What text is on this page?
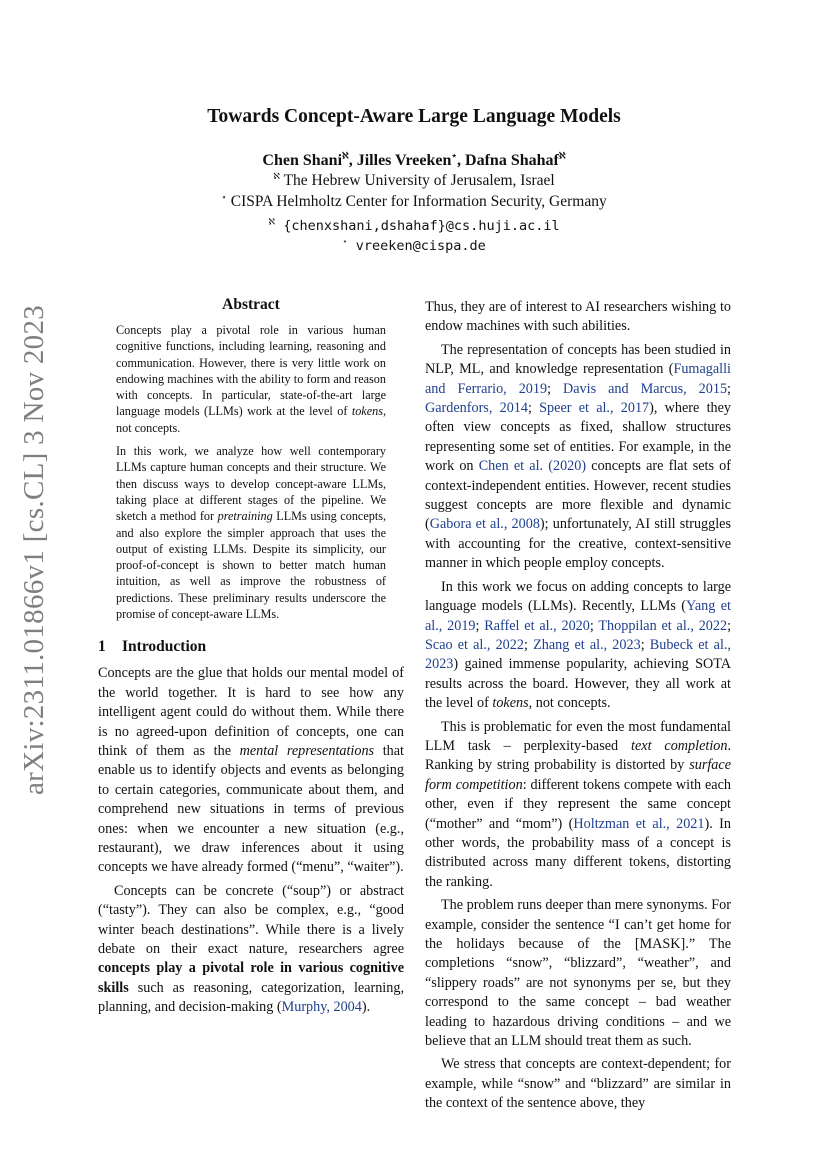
arXiv:2311.01866v1 [cs.CL] 3 Nov 2023
Towards Concept-Aware Large Language Models
Chen Shani$^ℵ$, Jilles Vreeken⋆, Dafna Shahaf$^ℵ$
$^ℵ$ The Hebrew University of Jerusalem, Israel
⋆ CISPA Helmholtz Center for Information Security, Germany
$^ℵ$ {chenxshani,dshahaf}@cs.huji.ac.il
⋆ vreeken@cispa.de
Abstract

Concepts play a pivotal role in various human cognitive functions, including learning, reasoning and communication. However, there is very little work on endowing machines with the ability to form and reason with concepts. In particular, state-of-the-art large language models (LLMs) work at the level of tokens, not concepts.

In this work, we analyze how well contemporary LLMs capture human concepts and their structure. We then discuss ways to develop concept-aware LLMs, taking place at different stages of the pipeline. We sketch a method for pretraining LLMs using concepts, and also explore the simpler approach that uses the output of existing LLMs. Despite its simplicity, our proof-of-concept is shown to better match human intuition, as well as improve the robustness of predictions. These preliminary results underscore the promise of concept-aware LLMs.

1 Introduction

Concepts are the glue that holds our mental model of the world together. It is hard to see how any intelligent agent could do without them. While there is no agreed-upon definition of concepts, one can think of them as the mental representations that enable us to identify objects and events as belonging to certain categories, communicate about them, and comprehend new situations in terms of previous ones: when we encounter a new situation (e.g., restaurant), we draw inferences about it using concepts we have already formed (“menu”, “waiter”).

Concepts can be concrete (“soup”) or abstract (“tasty”). They can also be complex, e.g., “good winter beach destinations”. While there is a lively debate on their exact nature, researchers agree concepts play a pivotal role in various cognitive skills such as reasoning, categorization, learning, planning, and decision-making (Murphy, 2004).

Thus, they are of interest to AI researchers wishing to endow machines with such abilities.

The representation of concepts has been studied in NLP, ML, and knowledge representation (Fumagalli and Ferrario, 2019; Davis and Marcus, 2015; Gardenfors, 2014; Speer et al., 2017), where they often view concepts as fixed, shallow structures representing some set of entities. For example, in the work on Chen et al. (2020) concepts are flat sets of context-independent entities. However, recent studies suggest concepts are more flexible and dynamic (Gabora et al., 2008); unfortunately, AI still struggles with accounting for the creative, context-sensitive manner in which people employ concepts.

In this work we focus on adding concepts to large language models (LLMs). Recently, LLMs (Yang et al., 2019; Raffel et al., 2020; Thoppilan et al., 2022; Scao et al., 2022; Zhang et al., 2023; Bubeck et al., 2023) gained immense popularity, achieving SOTA results across the board. However, they all work at the level of tokens, not concepts.

This is problematic for even the most fundamental LLM task – perplexity-based text completion. Ranking by string probability is distorted by surface form competition: different tokens compete with each other, even if they represent the same concept (“mother” and “mom”) (Holtzman et al., 2021). In other words, the probability mass of a concept is distributed across many different tokens, distorting the ranking.

The problem runs deeper than mere synonyms. For example, consider the sentence “I can’t get home for the holidays because of the [MASK].” The completions “snow”, “blizzard”, “weather”, and “slippery roads” are not synonyms per se, but they correspond to the same concept – bad weather leading to hazardous driving conditions – and we believe that an LLM should treat them as such.

We stress that concepts are context-dependent; for example, while “snow” and “blizzard” are similar in the context of the sentence above, they
